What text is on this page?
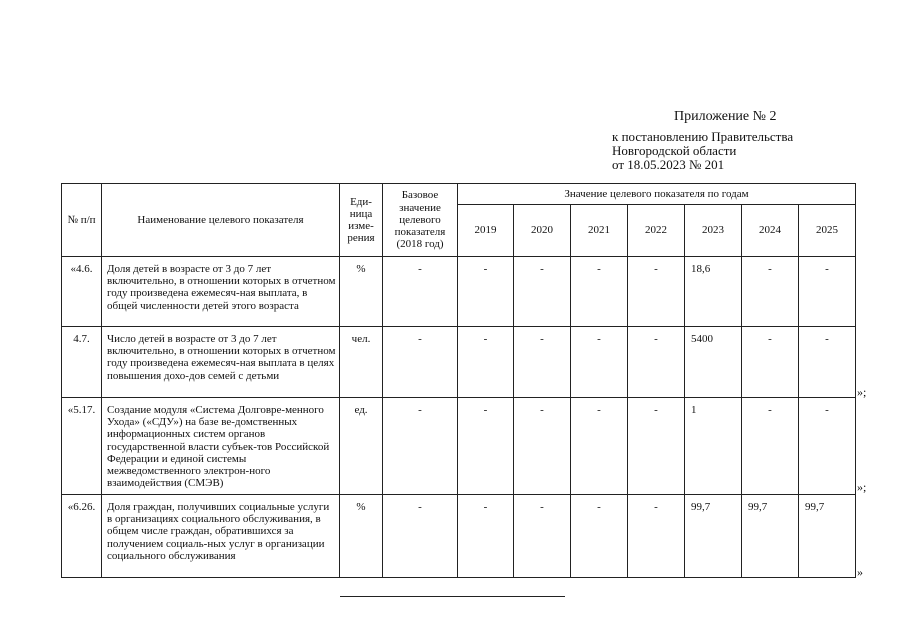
Приложение № 2
к постановлению Правительства
Новгородской области
от 18.05.2023 № 201
№ п/п	Наименование целевого показателя	Еди-ница изме-рения	Базовое значение целевого показателя (2018 год)	Значение целевого показателя по годам						
				2019	2020	2021	2022	2023	2024	2025
«4.6.	Доля детей в возрасте от 3 до 7 лет включительно, в отношении которых в отчетном году произведена ежемесяч-ная выплата, в общей численности детей этого возраста	%	-	-	-	-	-	18,6	-	-
4.7.	Число детей в возрасте от 3 до 7 лет включительно, в отношении которых в отчетном году произведена ежемесяч-ная выплата в целях повышения дохо-дов семей с детьми	чел.	-	-	-	-	-	5400	-	-
«5.17.	Создание модуля «Система Долговре-менного Ухода» («СДУ») на базе ве-домственных информационных систем органов государственной власти субъек-тов Российской Федерации и единой системы межведомственного электрон-ного взаимодействия (СМЭВ)	ед.	-	-	-	-	-	1	-	-
«6.26.	Доля граждан, получивших социальные услуги в организациях социального обслуживания, в общем числе граждан, обратившихся за получением социаль-ных услуг в организации социального обслуживания	%	-	-	-	-	-	99,7	99,7	99,7
»;
»;
»
